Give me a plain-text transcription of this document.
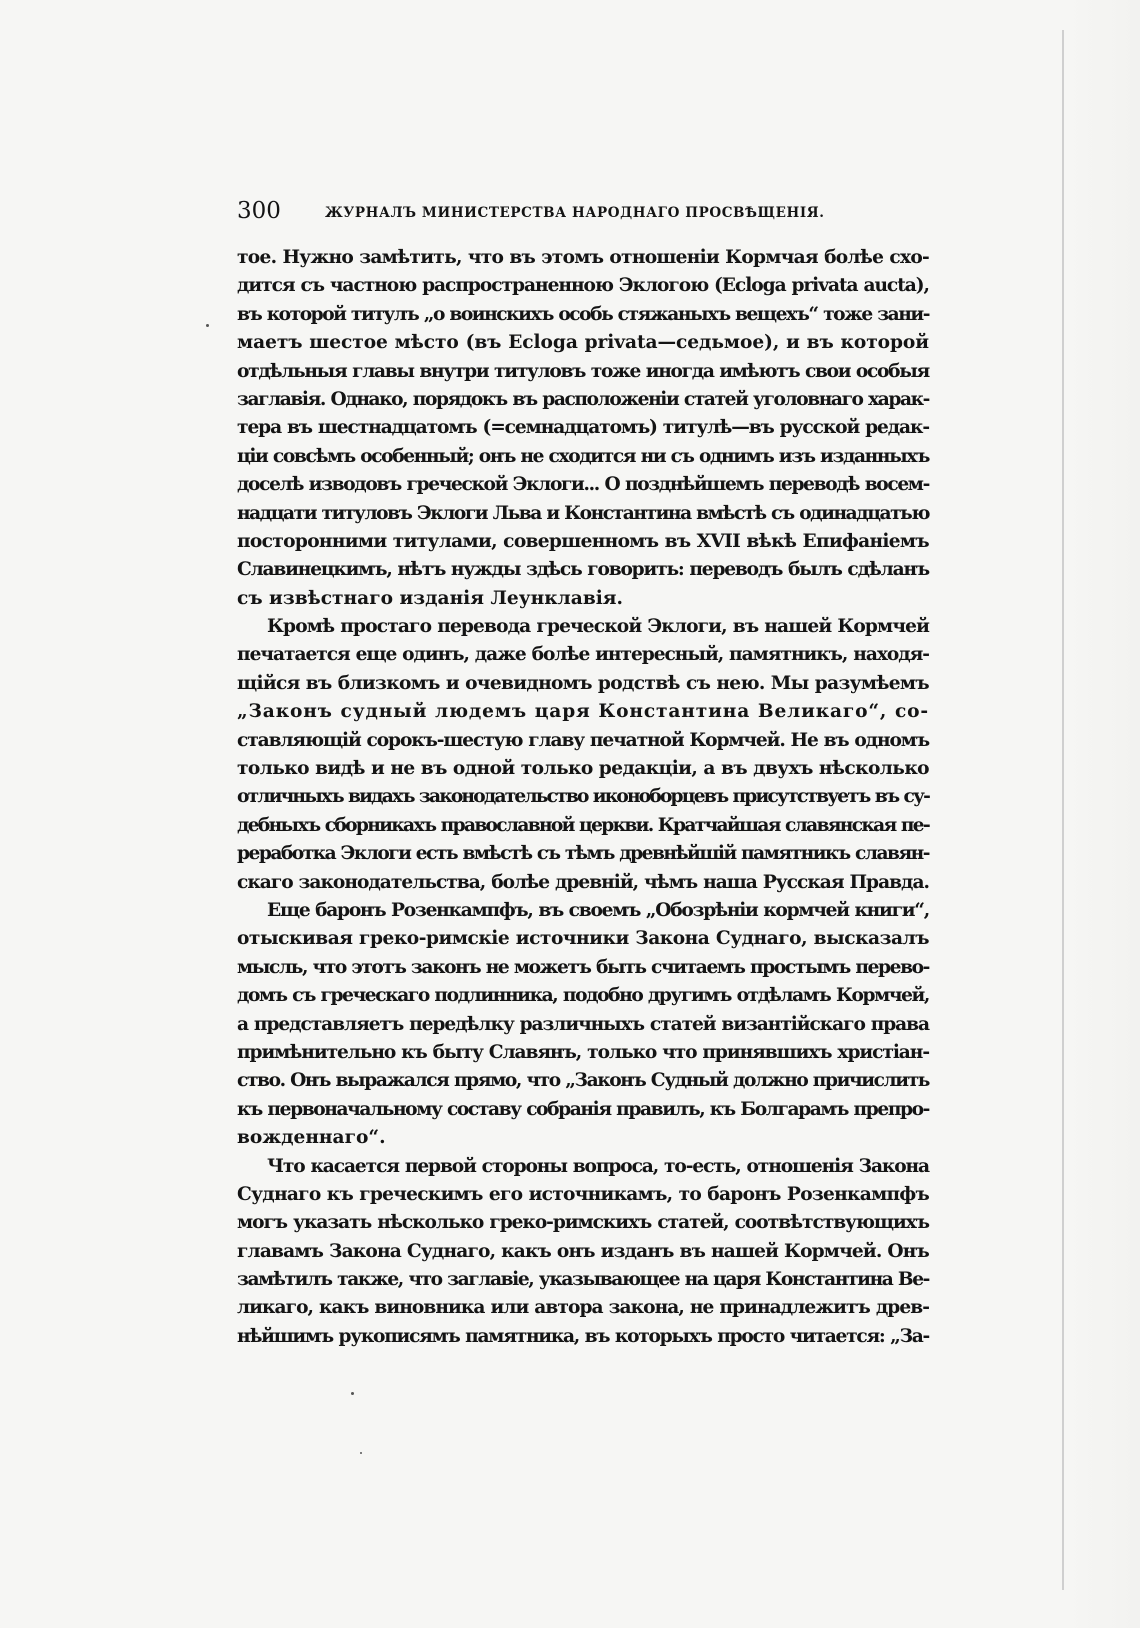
300	ЖУРНАЛЪ МИНИСТЕРСТВА НАРОДНАГО ПРОСВѢЩЕНІЯ.
тое. Нужно замѣтить, что въ этомъ отношеніи Кормчая болѣе схо-
дится съ частною распространенною Эклогою (Ecloga privata aucta),
въ которой титулъ „о воинскихъ особь стяжаныхъ вещехъ“ тоже зани-
маетъ шестое мѣсто (въ Ecloga privata—седьмое), и въ которой
отдѣльныя главы внутри титуловъ тоже иногда имѣютъ свои особыя
заглавія. Однако, порядокъ въ расположеніи статей уголовнаго харак-
тера въ шестнадцатомъ (=семнадцатомъ) титулѣ—въ русской редак-
ціи совсѣмъ особенный; онъ не сходится ни съ однимъ изъ изданныхъ
доселѣ изводовъ греческой Эклоги... О позднѣйшемъ переводѣ восем-
надцати титуловъ Эклоги Льва и Константина вмѣстѣ съ одинадцатью
посторонними титулами, совершенномъ въ XVII вѣкѣ Епифаніемъ
Славинецкимъ, нѣтъ нужды здѣсь говорить: переводъ былъ сдѣланъ
съ извѣстнаго изданія Леунклавія.
Кромѣ простаго перевода греческой Эклоги, въ нашей Кормчей
печатается еще одинъ, даже болѣе интересный, памятникъ, находя-
щійся въ близкомъ и очевидномъ родствѣ съ нею. Мы разумѣемъ
„Законъ судный людемъ царя Константина Великаго“, со-
ставляющій сорокъ-шестую главу печатной Кормчей. Не въ одномъ
только видѣ и не въ одной только редакціи, а въ двухъ нѣсколько
отличныхъ видахъ законодательство иконоборцевъ присутствуетъ въ су-
дебныхъ сборникахъ православной церкви. Кратчайшая славянская пе-
реработка Эклоги есть вмѣстѣ съ тѣмъ древнѣйшій памятникъ славян-
скаго законодательства, болѣе древній, чѣмъ наша Русская Правда.
Еще баронъ Розенкампфъ, въ своемъ „Обозрѣніи кормчей книги“,
отыскивая греко-римскіе источники Закона Суднаго, высказалъ
мысль, что этотъ законъ не можетъ быть считаемъ простымъ перево-
домъ съ греческаго подлинника, подобно другимъ отдѣламъ Кормчей,
а представляетъ передѣлку различныхъ статей византійскаго права
примѣнительно къ быту Славянъ, только что принявшихъ христіан-
ство. Онъ выражался прямо, что „Законъ Судный должно причислить
къ первоначальному составу собранія правилъ, къ Болгарамъ препро-
вожденнаго“.
Что касается первой стороны вопроса, то-есть, отношенія Закона
Суднаго къ греческимъ его источникамъ, то баронъ Розенкампфъ
могъ указать нѣсколько греко-римскихъ статей, соотвѣтствующихъ
главамъ Закона Суднаго, какъ онъ изданъ въ нашей Кормчей. Онъ
замѣтилъ также, что заглавіе, указывающее на царя Константина Ве-
ликаго, какъ виновника или автора закона, не принадлежитъ древ-
нѣйшимъ рукописямъ памятника, въ которыхъ просто читается: „За-
